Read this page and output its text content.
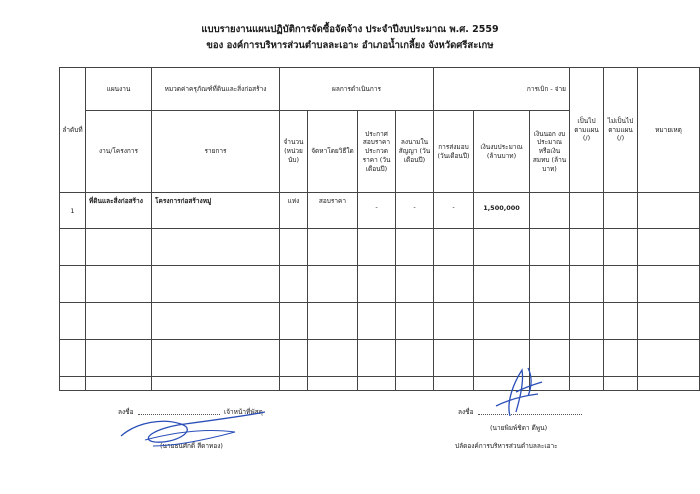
แบบรายงานแผนปฏิบัติการจัดซื้อจัดจ้าง ประจำปีงบประมาณ พ.ศ. 2559
ของ องค์การบริหารส่วนตำบลละเอาะ อำเภอน้ำเกลี้ยง จังหวัดศรีสะเกษ
ลำดับที่	แผนงาน	หมวดค่าครุภัณฑ์ที่ดินและสิ่งก่อสร้าง	ผลการดำเนินการ				การเบิก - จ่าย			เป็นไป ตามแผน (/)	ไม่เป็นไป ตามแผน (/)	หมายเหตุ
	งาน/โครงการ	รายการ	จำนวน (หน่วย นับ)	จัดหาโดยวิธีใด	ประกาศ สอบราคา ประกวด ราคา (วัน เดือนปี)	ลงนามใน สัญญา (วัน เดือนปี)	การส่งมอบ (วันเดือนปี)	เงินงบประมาณ (ล้านบาท)	เงินนอก งบประมาณ หรือเงิน สมทบ (ล้านบาท)			
1	ที่ดินและสิ่งก่อสร้าง	โครงการก่อสร้างหมู่	แห่ง	สอบราคา	-	-	-	1,500,000				

ลงชื่อ	เจ้าหน้าที่พัสดุ
(นายธนศักดิ์ สีดาทอง)
ลงชื่อ
(นายพิมพ์ชิดา ดีพูน)
ปลัดองค์การบริหารส่วนตำบลละเอาะ
